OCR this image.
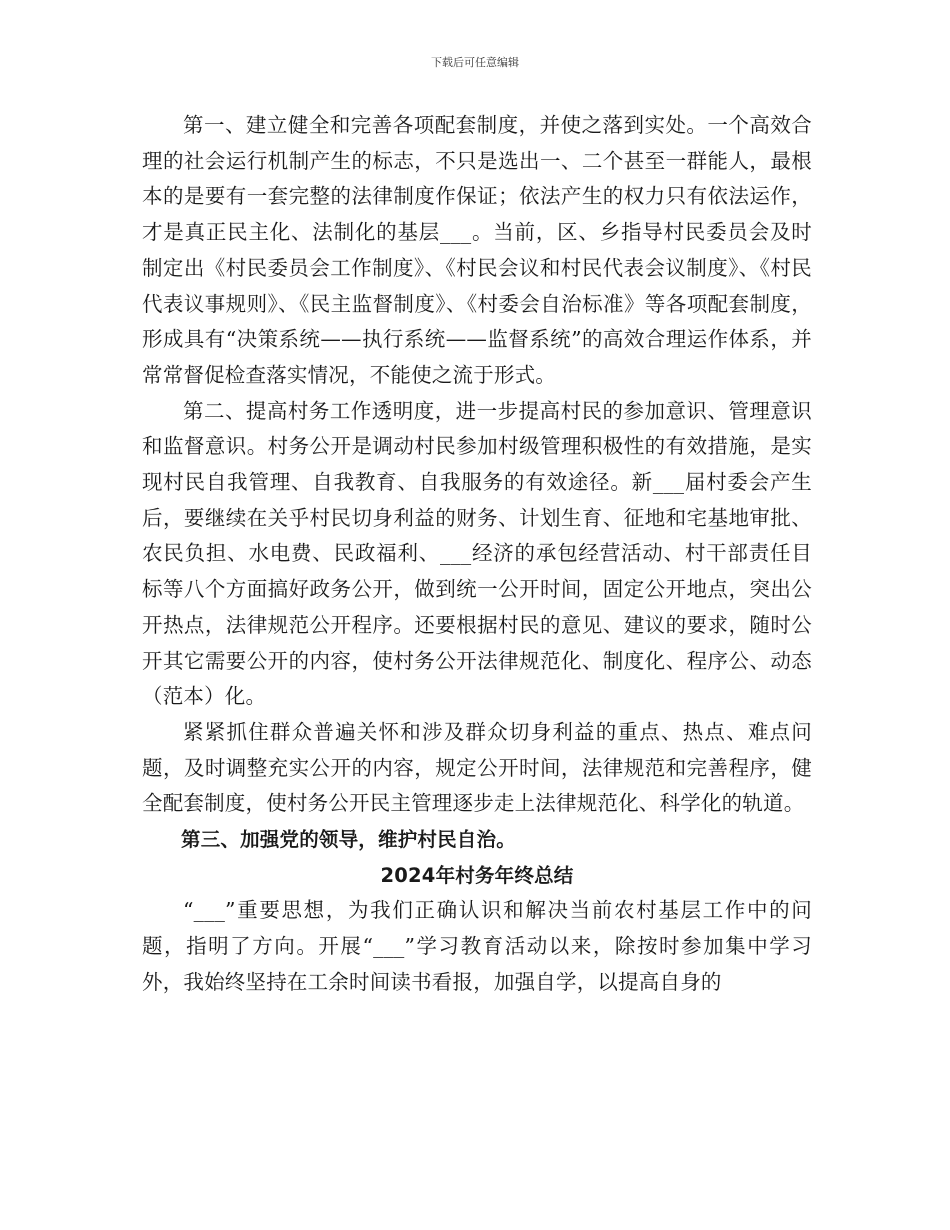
下载后可任意编辑

第一、建立健全和完善各项配套制度，并使之落到实处。一个高效合理的社会运行机制产生的标志，不只是选出一、二个甚至一群能人，最根本的是要有一套完整的法律制度作保证；依法产生的权力只有依法运作，才是真正民主化、法制化的基层___。当前，区、乡指导村民委员会及时制定出《村民委员会工作制度》、《村民会议和村民代表会议制度》、《村民代表议事规则》、《民主监督制度》、《村委会自治标准》等各项配套制度，形成具有“决策系统——执行系统——监督系统”的高效合理运作体系，并常常督促检查落实情况，不能使之流于形式。

第二、提高村务工作透明度，进一步提高村民的参加意识、管理意识和监督意识。村务公开是调动村民参加村级管理积极性的有效措施，是实现村民自我管理、自我教育、自我服务的有效途径。新___届村委会产生后，要继续在关乎村民切身利益的财务、计划生育、征地和宅基地审批、农民负担、水电费、民政福利、___经济的承包经营活动、村干部责任目标等八个方面搞好政务公开，做到统一公开时间，固定公开地点，突出公开热点，法律规范公开程序。还要根据村民的意见、建议的要求，随时公开其它需要公开的内容，使村务公开法律规范化、制度化、程序公、动态（范本）化。

紧紧抓住群众普遍关怀和涉及群众切身利益的重点、热点、难点问题，及时调整充实公开的内容，规定公开时间，法律规范和完善程序，健全配套制度，使村务公开民主管理逐步走上法律规范化、科学化的轨道。

第三、加强党的领导，维护村民自治。

2024年村务年终总结

“___”重要思想，为我们正确认识和解决当前农村基层工作中的问题，指明了方向。开展“___”学习教育活动以来，除按时参加集中学习外，我始终坚持在工余时间读书看报，加强自学，以提高自身的
